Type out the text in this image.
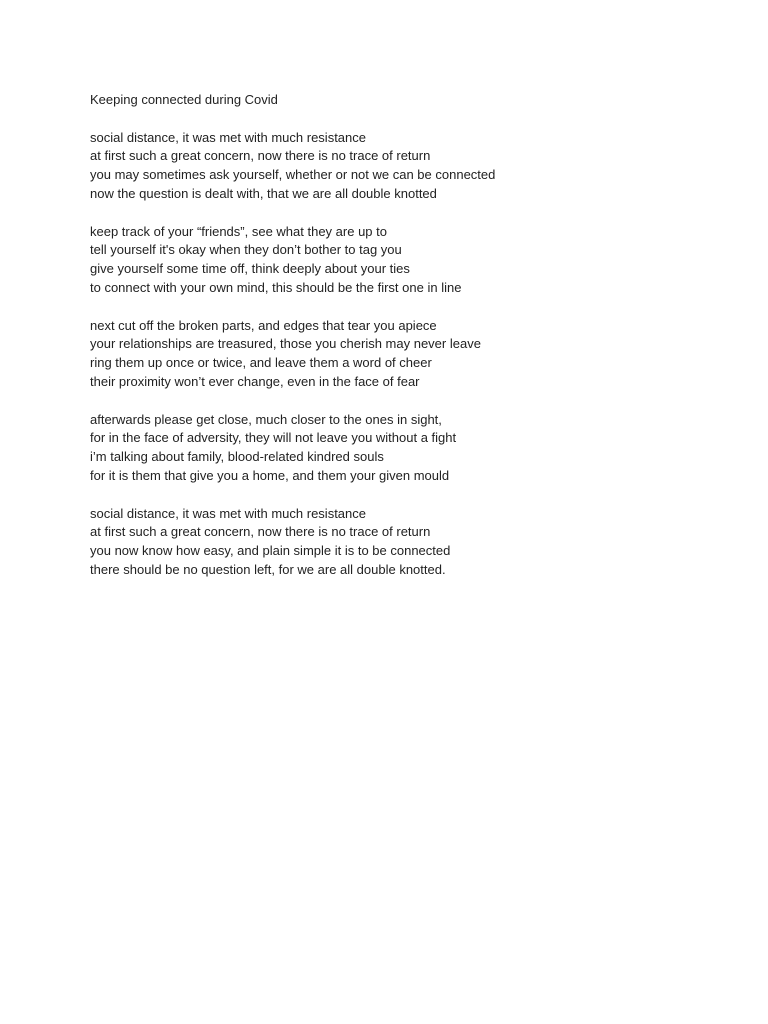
Keeping connected during Covid

social distance, it was met with much resistance
at first such a great concern, now there is no trace of return
you may sometimes ask yourself, whether or not we can be connected
now the question is dealt with, that we are all double knotted
keep track of your “friends”, see what they are up to
tell yourself it's okay when they don’t bother to tag you
give yourself some time off, think deeply about your ties
to connect with your own mind, this should be the first one in line
next cut off the broken parts, and edges that tear you apiece
your relationships are treasured, those you cherish may never leave
ring them up once or twice, and leave them a word of cheer
their proximity won’t ever change, even in the face of fear
afterwards please get close, much closer to the ones in sight,
for in the face of adversity, they will not leave you without a fight
i’m talking about family, blood-related kindred souls
for it is them that give you a home, and them your given mould
social distance, it was met with much resistance
at first such a great concern, now there is no trace of return
you now know how easy, and plain simple it is to be connected
there should be no question left, for we are all double knotted.
